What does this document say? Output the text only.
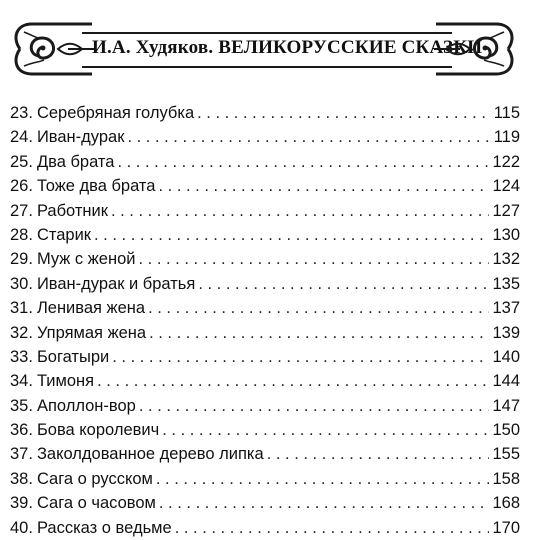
И.А. Худяков. ВЕЛИКОРУССКИЕ СКАЗКИ
23. Серебряная голубка . . .	115
24. Иван-дурак . . .	119
25. Два брата . . .	122
26. Тоже два брата . . .	124
27. Работник . . .	127
28. Старик . . .	130
29. Муж с женой . . .	132
30. Иван-дурак и братья . . .	135
31. Ленивая жена . . .	137
32. Упрямая жена . . .	139
33. Богатыри . . .	140
34. Тимоня . . .	144
35. Аполлон-вор . . .	147
36. Бова королевич . . .	150
37. Заколдованное дерево липка . . .	155
38. Сага о русском . . .	158
39. Сага о часовом . . .	168
40. Рассказ о ведьме . . .	170
